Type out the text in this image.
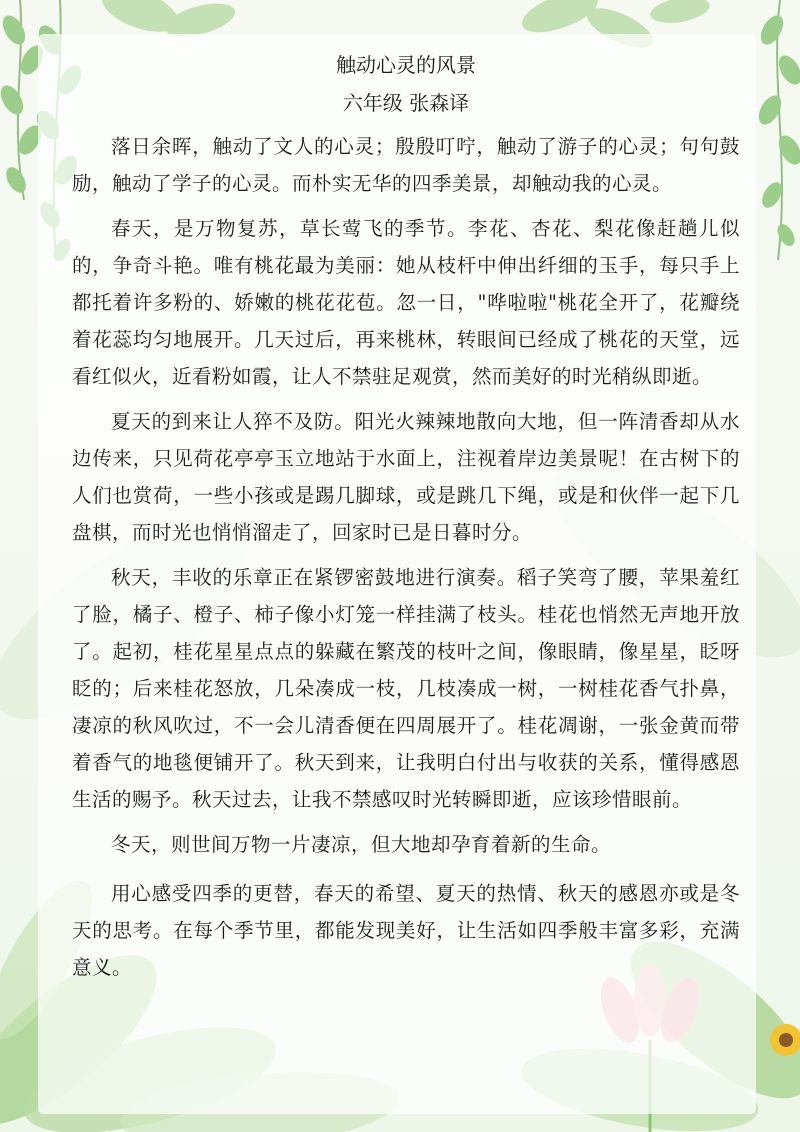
触动心灵的风景
六年级 张森译

落日余晖，触动了文人的心灵；殷殷叮咛，触动了游子的心灵；句句鼓励，触动了学子的心灵。而朴实无华的四季美景，却触动我的心灵。

春天，是万物复苏，草长莺飞的季节。李花、杏花、梨花像赶趟儿似的，争奇斗艳。唯有桃花最为美丽：她从枝杆中伸出纤细的玉手，每只手上都托着许多粉的、娇嫩的桃花花苞。忽一日，"哗啦啦"桃花全开了，花瓣绕着花蕊均匀地展开。几天过后，再来桃林，转眼间已经成了桃花的天堂，远看红似火，近看粉如霞，让人不禁驻足观赏，然而美好的时光稍纵即逝。

夏天的到来让人猝不及防。阳光火辣辣地散向大地，但一阵清香却从水边传来，只见荷花亭亭玉立地站于水面上，注视着岸边美景呢！在古树下的人们也赏荷，一些小孩或是踢几脚球，或是跳几下绳，或是和伙伴一起下几盘棋，而时光也悄悄溜走了，回家时已是日暮时分。

秋天，丰收的乐章正在紧锣密鼓地进行演奏。稻子笑弯了腰，苹果羞红了脸，橘子、橙子、柿子像小灯笼一样挂满了枝头。桂花也悄然无声地开放了。起初，桂花星星点点的躲藏在繁茂的枝叶之间，像眼睛，像星星，眨呀眨的；后来桂花怒放，几朵凑成一枝，几枝凑成一树，一树桂花香气扑鼻，凄凉的秋风吹过，不一会儿清香便在四周展开了。桂花凋谢，一张金黄而带着香气的地毯便铺开了。秋天到来，让我明白付出与收获的关系，懂得感恩生活的赐予。秋天过去，让我不禁感叹时光转瞬即逝，应该珍惜眼前。

冬天，则世间万物一片凄凉，但大地却孕育着新的生命。

用心感受四季的更替，春天的希望、夏天的热情、秋天的感恩亦或是冬天的思考。在每个季节里，都能发现美好，让生活如四季般丰富多彩，充满意义。
